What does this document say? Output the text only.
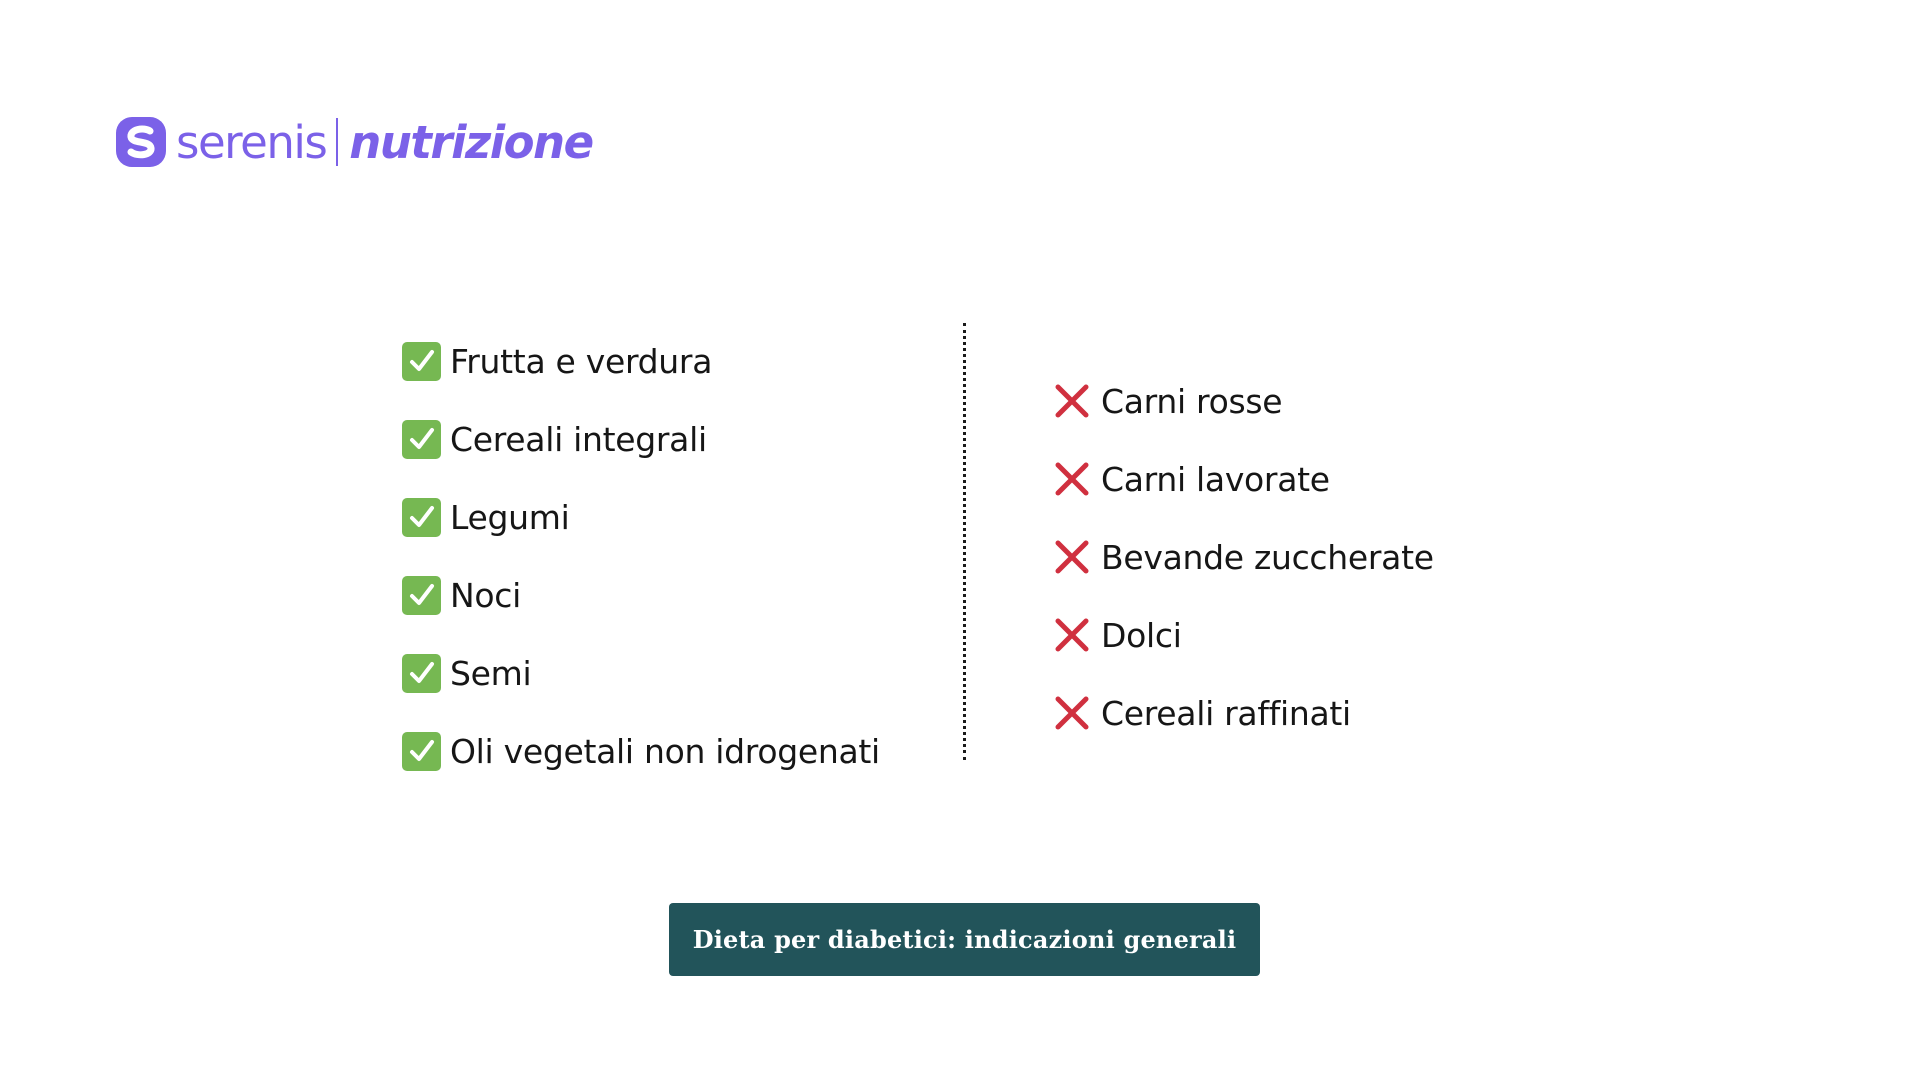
serenis nutrizione
Frutta e verdura
Cereali integrali
Legumi
Noci
Semi
Oli vegetali non idrogenati
Carni rosse
Carni lavorate
Bevande zuccherate
Dolci
Cereali raffinati
Dieta per diabetici: indicazioni generali
